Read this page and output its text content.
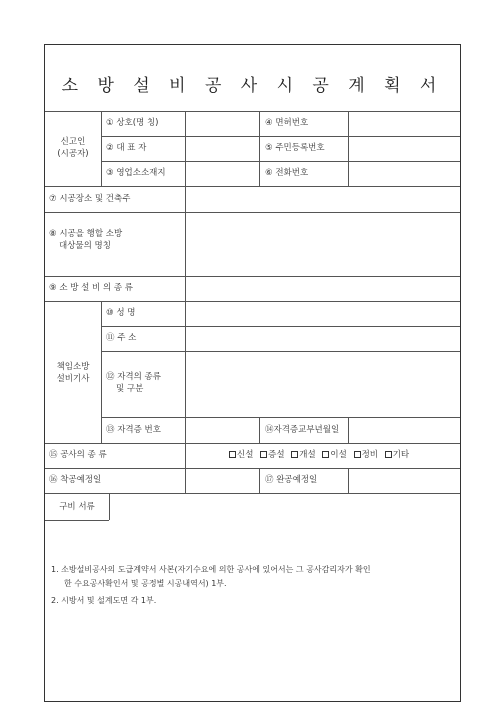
소 방 설 비 공 사 시 공 계 획 서
신고인
(시공자)
① 상호(명 칭)	④ 면허번호
② 대 표 자	⑤ 주민등록번호
③ 영업소소재지	⑥ 전화번호
⑦ 시공장소 및 건축주
⑧ 시공을 행할 소방
대상물의 명칭
⑨ 소 방 설 비 의 종 류
책임소방
설비기사
⑩ 성 명
⑪ 주 소
⑫ 자격의 종류
및 구분
⑬ 자격증 번호	⑭자격증교부년월일
⑮ 공사의 종 류	신설 증설 개설 이설 정비 기타
⑯ 착공예정일	⑰ 완공예정일
구비 서류
1. 소방설비공사의 도급계약서 사본(자기수요에 의한 공사에 있어서는 그 공사감리자가 확인
한 수요공사확인서 및 공정별 시공내역서) 1부.
2. 시방서 및 설계도면 각 1부.
